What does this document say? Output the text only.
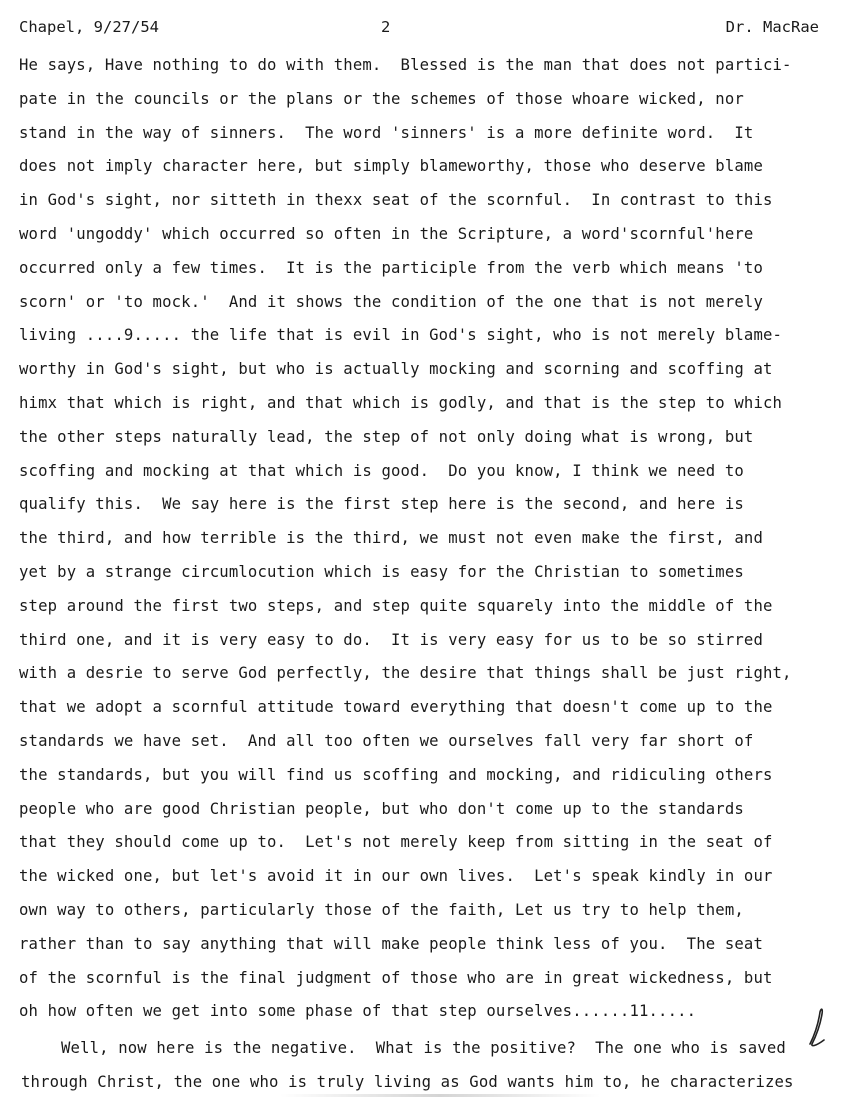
Chapel, 9/27/54

	2

	Dr. MacRae

He says, Have nothing to do with them.  Blessed is the man that does not partici-
pate in the councils or the plans or the schemes of those whoare wicked, nor
stand in the way of sinners.  The word 'sinners' is a more definite word.  It
does not imply character here, but simply blameworthy, those who deserve blame
in God's sight, nor sitteth in thexx seat of the scornful.  In contrast to this
word 'ungoddy' which occurred so often in the Scripture, a word'scornful'here
occurred only a few times.  It is the participle from the verb which means 'to
scorn' or 'to mock.'  And it shows the condition of the one that is not merely
living ....9..... the life that is evil in God's sight, who is not merely blame-
worthy in God's sight, but who is actually mocking and scorning and scoffing at
himx that which is right, and that which is godly, and that is the step to which
the other steps naturally lead, the step of not only doing what is wrong, but
scoffing and mocking at that which is good.  Do you know, I think we need to
qualify this.  We say here is the first step here is the second, and here is
the third, and how terrible is the third, we must not even make the first, and
yet by a strange circumlocution which is easy for the Christian to sometimes
step around the first two steps, and step quite squarely into the middle of the
third one, and it is very easy to do.  It is very easy for us to be so stirred
with a desrie to serve God perfectly, the desire that things shall be just right,
that we adopt a scornful attitude toward everything that doesn't come up to the
standards we have set.  And all too often we ourselves fall very far short of
the standards, but you will find us scoffing and mocking, and ridiculing others
people who are good Christian people, but who don't come up to the standards
that they should come up to.  Let's not merely keep from sitting in the seat of
the wicked one, but let's avoid it in our own lives.  Let's speak kindly in our
own way to others, particularly those of the faith, Let us try to help them,
rather than to say anything that will make people think less of you.  The seat
of the scornful is the final judgment of those who are in great wickedness, but
oh how often we get into some phase of that step ourselves......11.....
Well, now here is the negative.  What is the positive?  The one who is saved
through Christ, the one who is truly living as God wants him to, he characterizes
